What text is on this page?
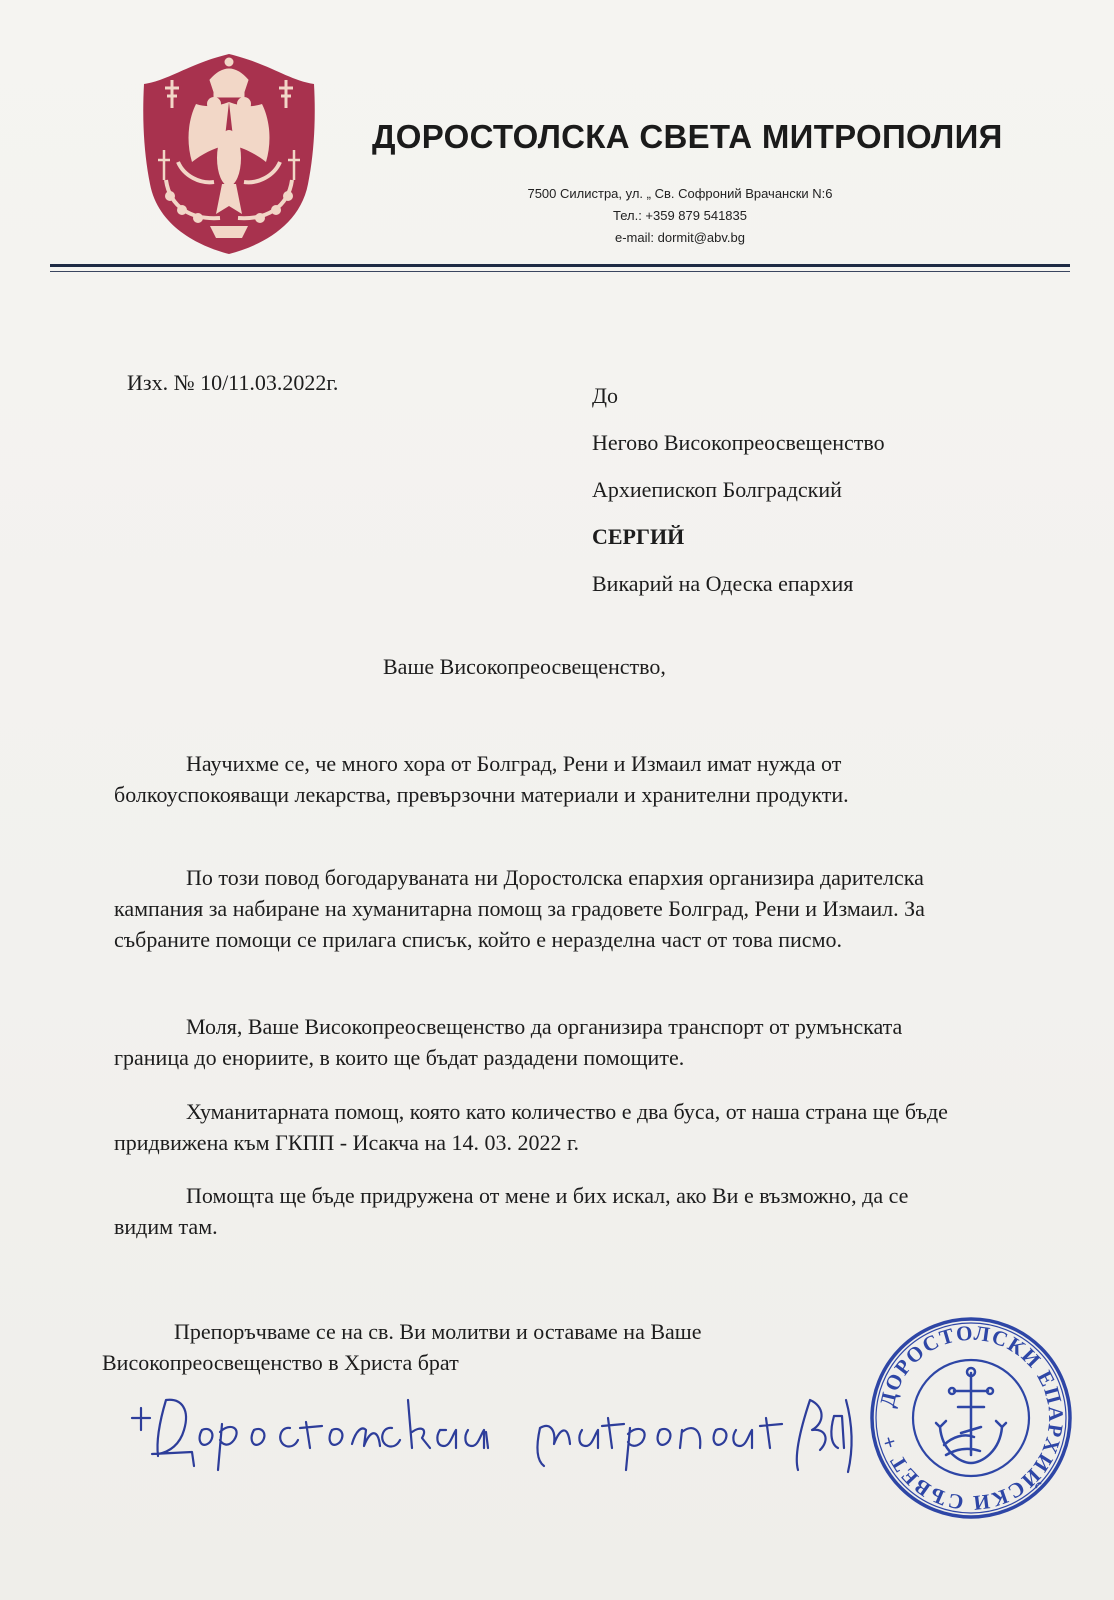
ДОРОСТОЛСКА СВЕТА МИТРОПОЛИЯ
7500 Силистра, ул. „ Св. Софроний Врачански N:6
Тел.: +359 879 541835
e-mail: dormit@abv.bg
Изх. № 10/11.03.2022г.
До
Негово Високопреосвещенство
Архиепископ Болградский
СЕРГИЙ
Викарий на Одеска епархия
Ваше Високопреосвещенство,
Научихме се, че много хора от Болград, Рени и Измаил имат нужда от болкоуспокояващи лекарства, превързочни материали и хранителни продукти.
По този повод богодаруваната ни Доростолска епархия организира дарителска кампания за набиране на хуманитарна помощ за градовете Болград, Рени и Измаил. За събраните помощи се прилага списък, който е неразделна част от това писмо.
Моля, Ваше Високопреосвещенство да организира транспорт от румънската граница до енориите, в които ще бъдат раздадени помощите.
Хуманитарната помощ, която като количество е два буса, от наша страна ще бъде придвижена към ГКПП - Исакча на 14. 03. 2022 г.
Помощта ще бъде придружена от мене и бих искал, ако Ви е възможно, да се видим там.
Препоръчваме се на св. Ви молитви и оставаме на Ваше Високопреосвещенство в Христа брат
ДОРОСТОЛСКИ ЕПАРХИЙСКИ СЪВЕТ +
